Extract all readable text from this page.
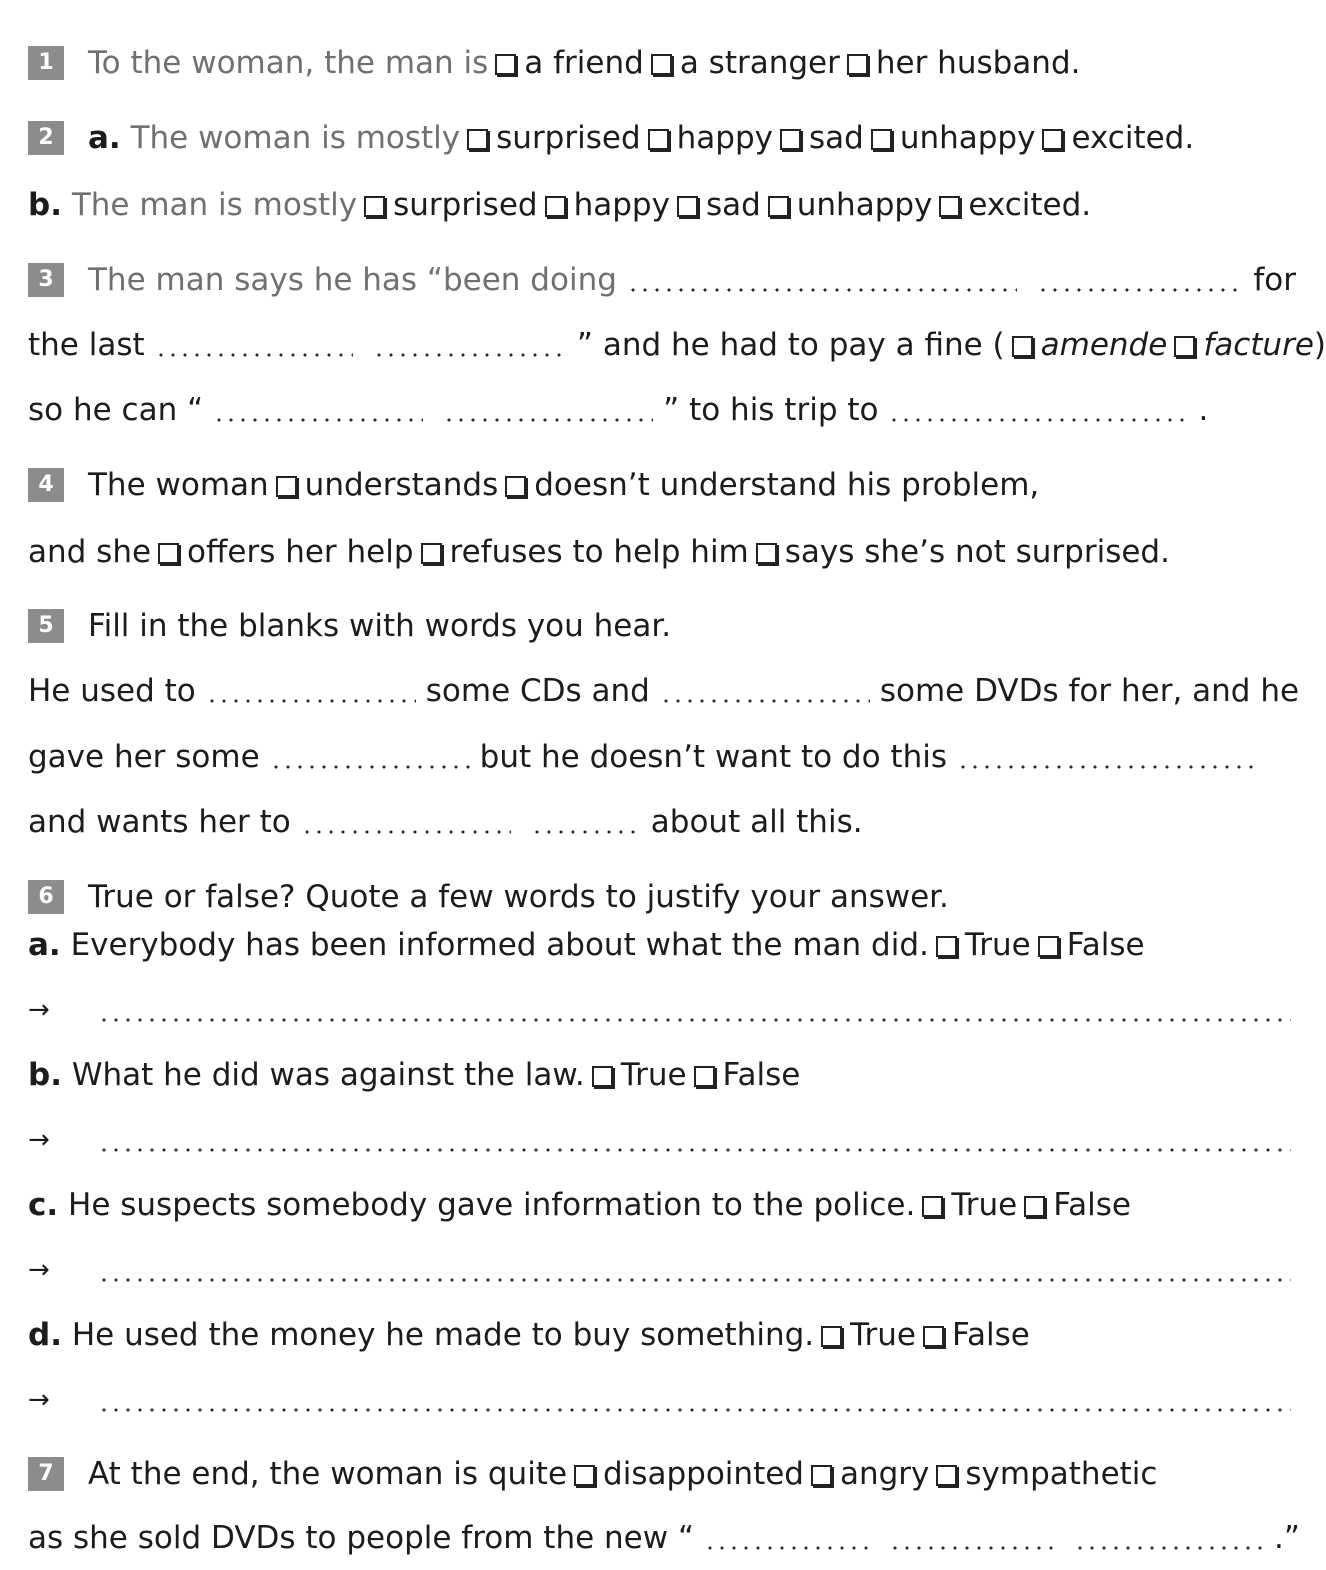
1	To the woman, the man is a friend a stranger her husband.
2	a.
The woman is mostly surprised happy sad unhappy excited.
b.
The man is mostly surprised happy sad unhappy excited.
3	The man says he has “been doing	for
the last	” and he had to pay a fine ( amende facture )
so he can “	” to his trip to	.
4	The woman understands doesn’t understand his problem,
and she offers her help refuses to help him says she’s not surprised.
5	Fill in the blanks with words you hear.
He used to	some CDs and	some DVDs for her, and he
gave her some	but he doesn’t want to do this
and wants her to	about all this.
6	True or false? Quote a few words to justify your answer.
a.
Everybody has been informed about what the man did. True False
→
b.
What he did was against the law. True False
→
c.
He suspects somebody gave information to the police. True False
→
d.
He used the money he made to buy something. True False
→
7	At the end, the woman is quite disappointed angry sympathetic
as she sold DVDs to people from the new “	.”
